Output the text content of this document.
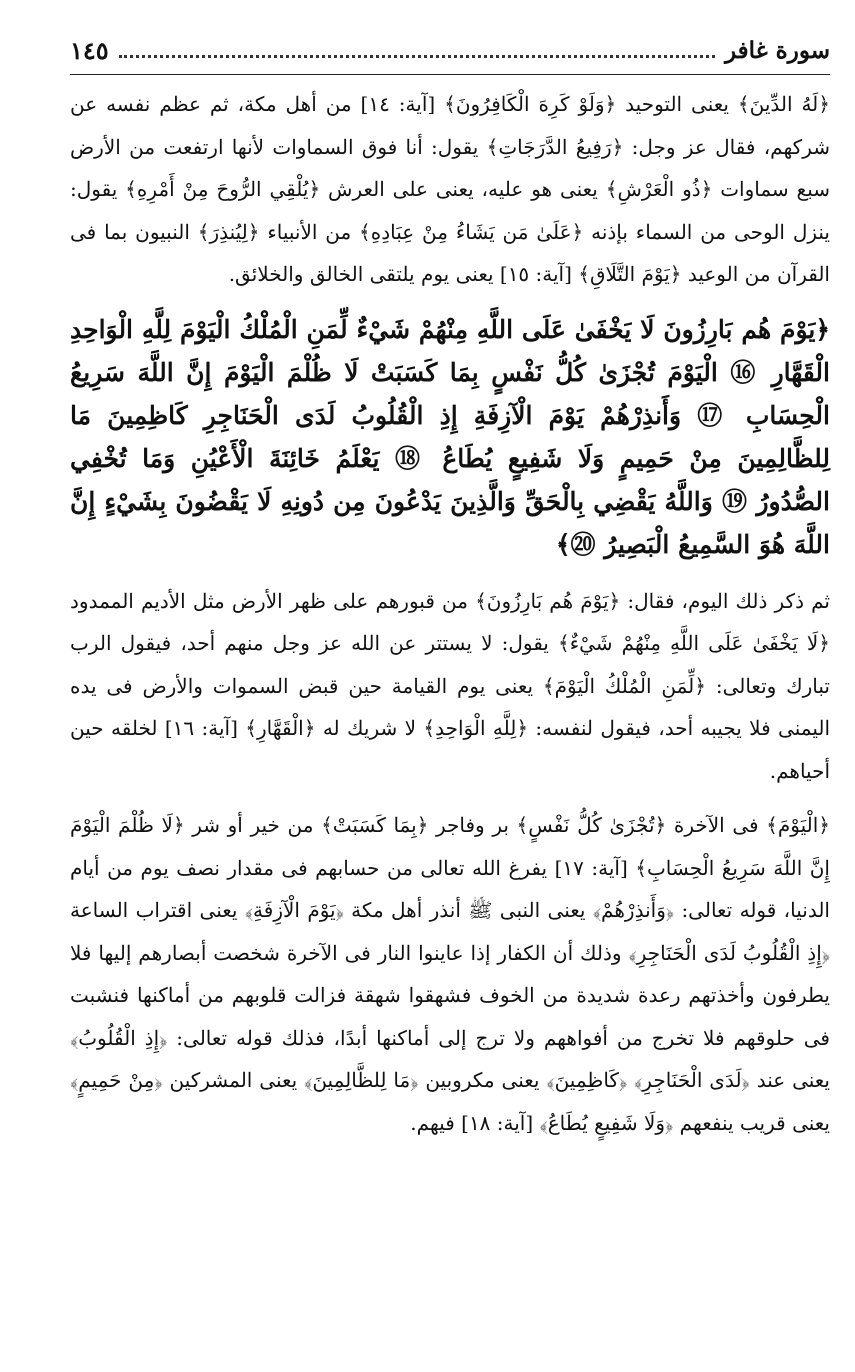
سورة غافر
١٤٥

﴿لَهُ الدِّينَ﴾ يعنى التوحيد ﴿وَلَوْ كَرِهَ الْكَافِرُونَ﴾ [آية: ١٤] من أهل مكة، ثم عظم نفسه عن شركهم، فقال عز وجل: ﴿رَفِيعُ الدَّرَجَاتِ﴾ يقول: أنا فوق السماوات لأنها ارتفعت من الأرض سبع سماوات ﴿ذُو الْعَرْشِ﴾ يعنى هو عليه، يعنى على العرش ﴿يُلْقِي الرُّوحَ مِنْ أَمْرِهِ﴾ يقول: ينزل الوحى من السماء بإذنه ﴿عَلَىٰ مَن يَشَاءُ مِنْ عِبَادِهِ﴾ من الأنبياء ﴿لِيُنذِرَ﴾ النبيون بما فى القرآن من الوعيد ﴿يَوْمَ التَّلَاقِ﴾ [آية: ١٥] يعنى يوم يلتقى الخالق والخلائق.

﴿يَوْمَ هُم بَارِزُونَ لَا يَخْفَىٰ عَلَى اللَّهِ مِنْهُمْ شَيْءٌ لِّمَنِ الْمُلْكُ الْيَوْمَ لِلَّهِ الْوَاحِدِ الْقَهَّارِ ⑯ الْيَوْمَ تُجْزَىٰ كُلُّ نَفْسٍ بِمَا كَسَبَتْ لَا ظُلْمَ الْيَوْمَ إِنَّ اللَّهَ سَرِيعُ الْحِسَابِ ⑰ وَأَنذِرْهُمْ يَوْمَ الْآزِفَةِ إِذِ الْقُلُوبُ لَدَى الْحَنَاجِرِ كَاظِمِينَ مَا لِلظَّالِمِينَ مِنْ حَمِيمٍ وَلَا شَفِيعٍ يُطَاعُ ⑱ يَعْلَمُ خَائِنَةَ الْأَعْيُنِ وَمَا تُخْفِي الصُّدُورُ ⑲ وَاللَّهُ يَقْضِي بِالْحَقِّ وَالَّذِينَ يَدْعُونَ مِن دُونِهِ لَا يَقْضُونَ بِشَيْءٍ إِنَّ اللَّهَ هُوَ السَّمِيعُ الْبَصِيرُ ⑳﴾

ثم ذكر ذلك اليوم، فقال: ﴿يَوْمَ هُم بَارِزُونَ﴾ من قبورهم على ظهر الأرض مثل الأديم الممدود ﴿لَا يَخْفَىٰ عَلَى اللَّهِ مِنْهُمْ شَيْءٌ﴾ يقول: لا يستتر عن الله عز وجل منهم أحد، فيقول الرب تبارك وتعالى: ﴿لِّمَنِ الْمُلْكُ الْيَوْمَ﴾ يعنى يوم القيامة حين قبض السموات والأرض فى يده اليمنى فلا يجيبه أحد، فيقول لنفسه: ﴿لِلَّهِ الْوَاحِدِ﴾ لا شريك له ﴿الْقَهَّارِ﴾ [آية: ١٦] لخلقه حين أحياهم.

﴿الْيَوْمَ﴾ فى الآخرة ﴿تُجْزَىٰ كُلُّ نَفْسٍ﴾ بر وفاجر ﴿بِمَا كَسَبَتْ﴾ من خير أو شر ﴿لَا ظُلْمَ الْيَوْمَ إِنَّ اللَّهَ سَرِيعُ الْحِسَابِ﴾ [آية: ١٧] يفرغ الله تعالى من حسابهم فى مقدار نصف يوم من أيام الدنيا، قوله تعالى: ﴿وَأَنذِرْهُمْ﴾ يعنى النبى ﷺ أنذر أهل مكة ﴿يَوْمَ الْآزِفَةِ﴾ يعنى اقتراب الساعة ﴿إِذِ الْقُلُوبُ لَدَى الْحَنَاجِرِ﴾ وذلك أن الكفار إذا عاينوا النار فى الآخرة شخصت أبصارهم إليها فلا يطرفون وأخذتهم رعدة شديدة من الخوف فشهقوا شهقة فزالت قلوبهم من أماكنها فنشبت فى حلوقهم فلا تخرج من أفواههم ولا ترج إلى أماكنها أبدًا، فذلك قوله تعالى: ﴿إِذِ الْقُلُوبُ﴾ يعنى عند ﴿لَدَى الْحَنَاجِرِ﴾ ﴿كَاظِمِينَ﴾ يعنى مكروبين ﴿مَا لِلظَّالِمِينَ﴾ يعنى المشركين ﴿مِنْ حَمِيمٍ﴾ يعنى قريب ينفعهم ﴿وَلَا شَفِيعٍ يُطَاعُ﴾ [آية: ١٨] فيهم.
